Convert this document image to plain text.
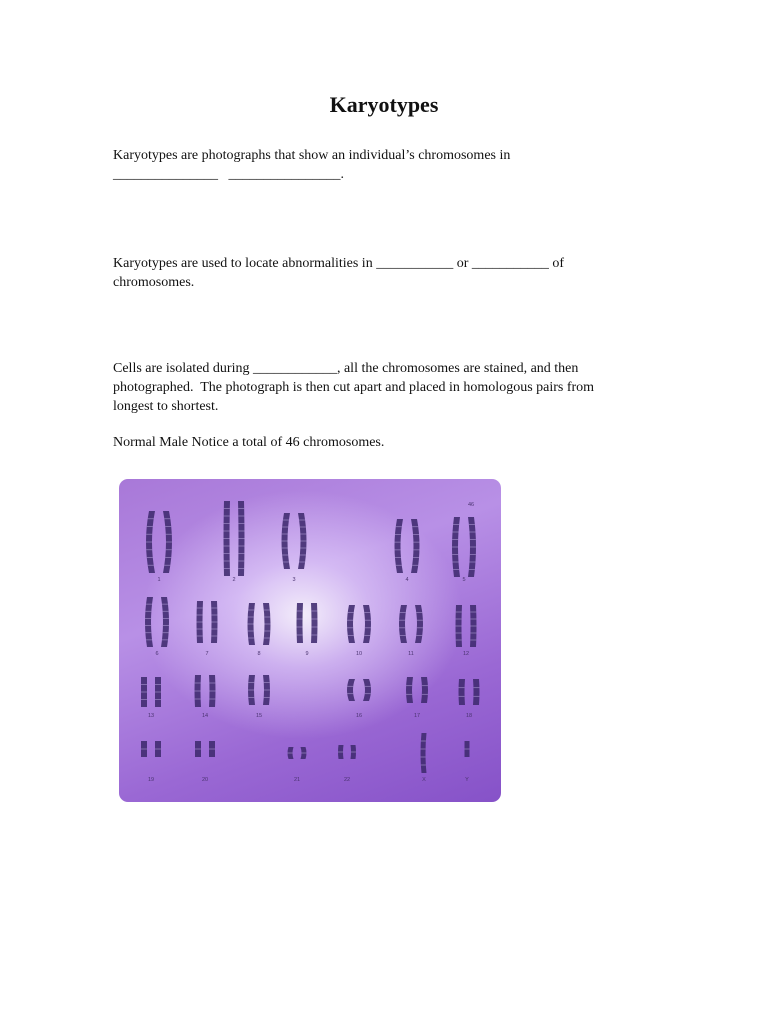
Karyotypes

Karyotypes are photographs that show an individual’s chromosomes in
_______________   ________________.

Karyotypes are used to locate abnormalities in ___________ or ___________ of
chromosomes.

Cells are isolated during ____________, all the chromosomes are stained, and then
photographed.  The photograph is then cut apart and placed in homologous pairs from
longest to shortest.

Normal Male Notice a total of 46 chromosomes.

1	2	3	4	5
6	7	8	9	10	11	12
13	14	15	16	17	18
19	20	21	22	X	Y
46
